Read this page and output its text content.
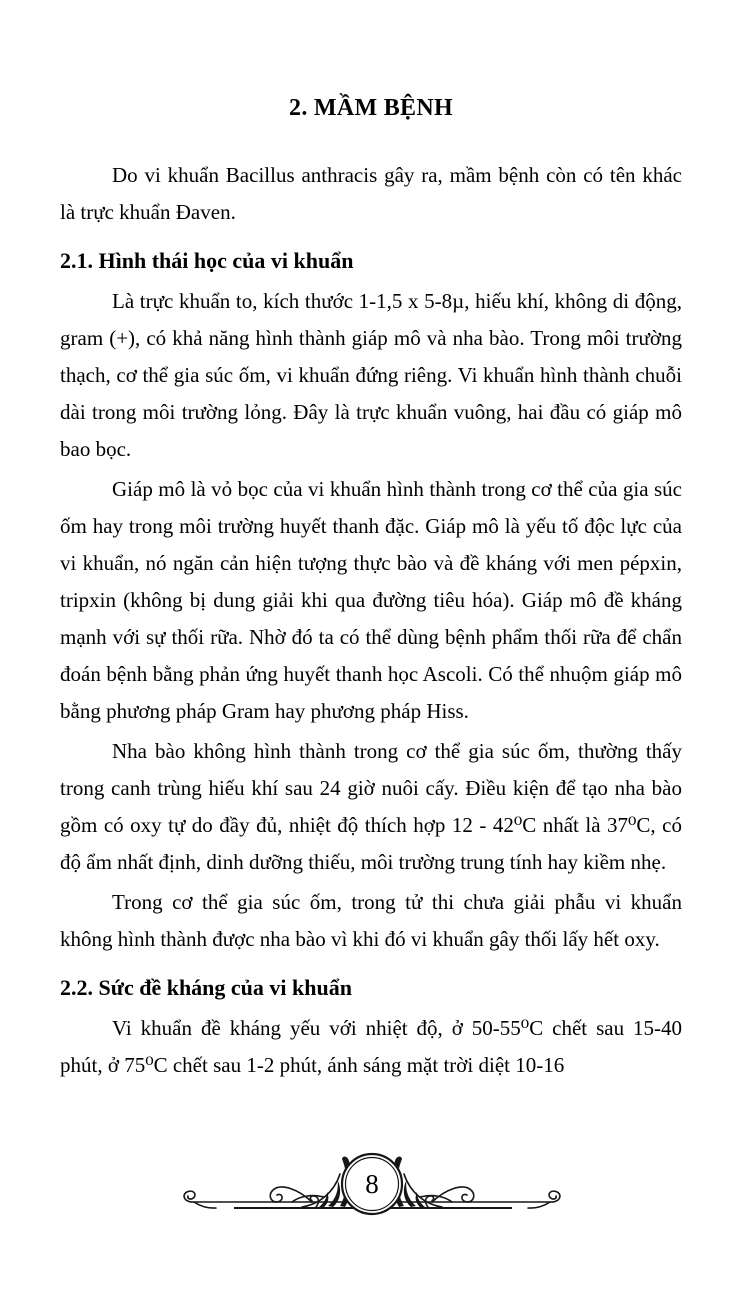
2. MẦM BỆNH

Do vi khuẩn Bacillus anthracis gây ra, mầm bệnh còn có tên khác là trực khuẩn Đaven.

2.1. Hình thái học của vi khuẩn

Là trực khuẩn to, kích thước 1-1,5 x 5-8µ, hiếu khí, không di động, gram (+), có khả năng hình thành giáp mô và nha bào. Trong môi trường thạch, cơ thể gia súc ốm, vi khuẩn đứng riêng. Vi khuẩn hình thành chuỗi dài trong môi trường lỏng. Đây là trực khuẩn vuông, hai đầu có giáp mô bao bọc.

Giáp mô là vỏ bọc của vi khuẩn hình thành trong cơ thể của gia súc ốm hay trong môi trường huyết thanh đặc. Giáp mô là yếu tố độc lực của vi khuẩn, nó ngăn cản hiện tượng thực bào và đề kháng với men pépxin, tripxin (không bị dung giải khi qua đường tiêu hóa). Giáp mô đề kháng mạnh với sự thối rữa. Nhờ đó ta có thể dùng bệnh phẩm thối rữa để chẩn đoán bệnh bằng phản ứng huyết thanh học Ascoli. Có thể nhuộm giáp mô bằng phương pháp Gram hay phương pháp Hiss.

Nha bào không hình thành trong cơ thể gia súc ốm, thường thấy trong canh trùng hiếu khí sau 24 giờ nuôi cấy. Điều kiện để tạo nha bào gồm có oxy tự do đầy đủ, nhiệt độ thích hợp 12 - 42⁰C nhất là 37⁰C, có độ ẩm nhất định, dinh dưỡng thiếu, môi trường trung tính hay kiềm nhẹ.

Trong cơ thể gia súc ốm, trong tử thi chưa giải phẫu vi khuẩn không hình thành được nha bào vì khi đó vi khuẩn gây thối lấy hết oxy.

2.2. Sức đề kháng của vi khuẩn

Vi khuẩn đề kháng yếu với nhiệt độ, ở 50-55⁰C chết sau 15-40 phút, ở 75⁰C chết sau 1-2 phút, ánh sáng mặt trời diệt 10-16

8
